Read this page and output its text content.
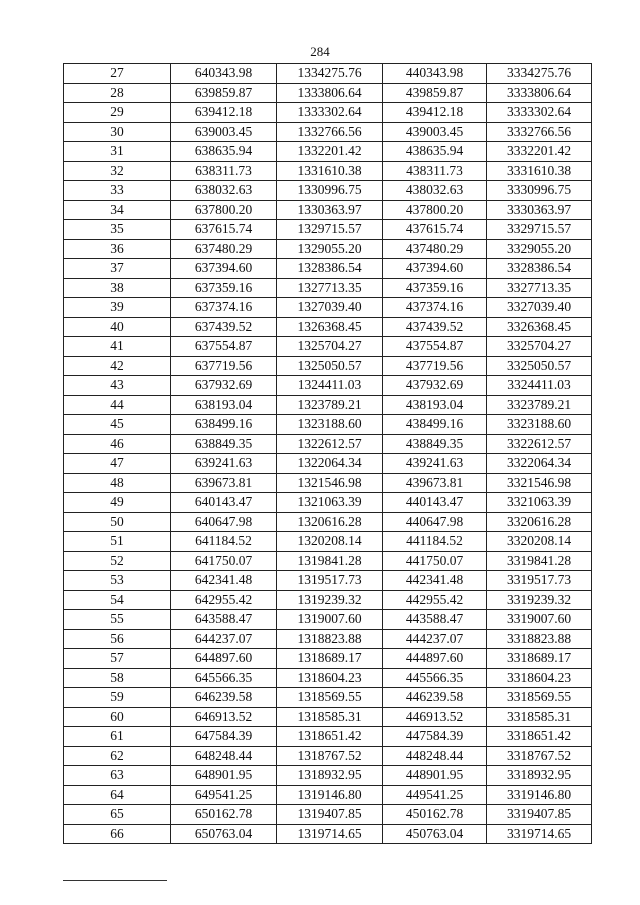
284
27	640343.98	1334275.76	440343.98	3334275.76
28	639859.87	1333806.64	439859.87	3333806.64
29	639412.18	1333302.64	439412.18	3333302.64
30	639003.45	1332766.56	439003.45	3332766.56
31	638635.94	1332201.42	438635.94	3332201.42
32	638311.73	1331610.38	438311.73	3331610.38
33	638032.63	1330996.75	438032.63	3330996.75
34	637800.20	1330363.97	437800.20	3330363.97
35	637615.74	1329715.57	437615.74	3329715.57
36	637480.29	1329055.20	437480.29	3329055.20
37	637394.60	1328386.54	437394.60	3328386.54
38	637359.16	1327713.35	437359.16	3327713.35
39	637374.16	1327039.40	437374.16	3327039.40
40	637439.52	1326368.45	437439.52	3326368.45
41	637554.87	1325704.27	437554.87	3325704.27
42	637719.56	1325050.57	437719.56	3325050.57
43	637932.69	1324411.03	437932.69	3324411.03
44	638193.04	1323789.21	438193.04	3323789.21
45	638499.16	1323188.60	438499.16	3323188.60
46	638849.35	1322612.57	438849.35	3322612.57
47	639241.63	1322064.34	439241.63	3322064.34
48	639673.81	1321546.98	439673.81	3321546.98
49	640143.47	1321063.39	440143.47	3321063.39
50	640647.98	1320616.28	440647.98	3320616.28
51	641184.52	1320208.14	441184.52	3320208.14
52	641750.07	1319841.28	441750.07	3319841.28
53	642341.48	1319517.73	442341.48	3319517.73
54	642955.42	1319239.32	442955.42	3319239.32
55	643588.47	1319007.60	443588.47	3319007.60
56	644237.07	1318823.88	444237.07	3318823.88
57	644897.60	1318689.17	444897.60	3318689.17
58	645566.35	1318604.23	445566.35	3318604.23
59	646239.58	1318569.55	446239.58	3318569.55
60	646913.52	1318585.31	446913.52	3318585.31
61	647584.39	1318651.42	447584.39	3318651.42
62	648248.44	1318767.52	448248.44	3318767.52
63	648901.95	1318932.95	448901.95	3318932.95
64	649541.25	1319146.80	449541.25	3319146.80
65	650162.78	1319407.85	450162.78	3319407.85
66	650763.04	1319714.65	450763.04	3319714.65
